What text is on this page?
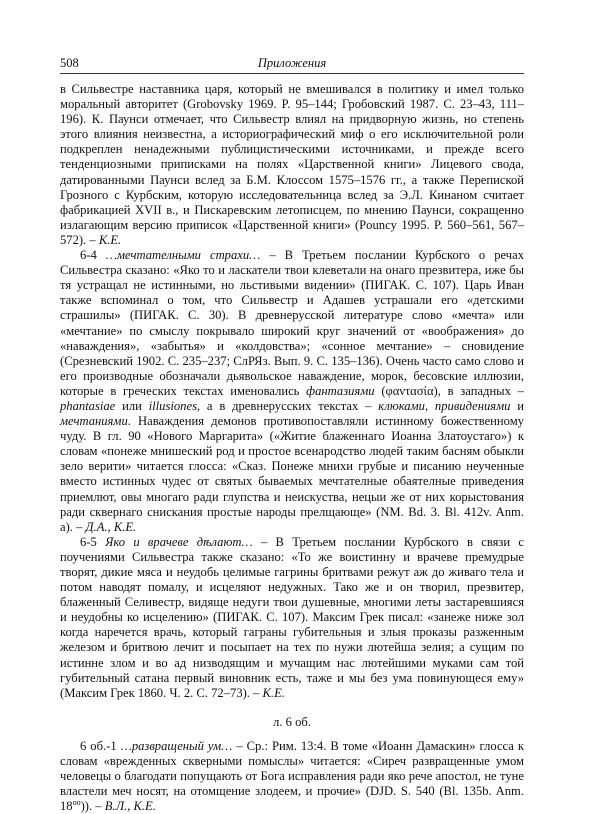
508	Приложения

в Сильвестре наставника царя, который не вмешивался в политику и имел только моральный авторитет (Grobovsky 1969. P. 95–144; Гробовский 1987. С. 23–43, 111–196). К. Паунси отмечает, что Сильвестр влиял на придворную жизнь, но степень этого влияния неизвестна, а историографический миф о его исключительной роли подкреплен ненадежными публицистическими источниками, и прежде всего тенденциозными приписками на полях «Царственной книги» Лицевого свода, датированными Паунси вслед за Б.М. Клоссом 1575–1576 гг., а также Перепиской Грозного с Курбским, которую исследовательница вслед за Э.Л. Кинаном считает фабрикацией XVII в., и Пискаревским летописцем, по мнению Паунси, сокращенно излагающим версию приписок «Царственной книги» (Pouncy 1995. P. 560–561, 567–572). – К.Е.

6-4 …мечтателными страхи… – В Третьем послании Курбского о речах Сильвестра сказано: «Яко то и ласкатели твои клеветали на онаго презвитера, иже бы тя устращал не истинными, но льстивыми видении» (ПИГАК. С. 107). Царь Иван также вспоминал о том, что Сильвестр и Адашев устрашали его «детскими страшилы» (ПИГАК. С. 30). В древнерусской литературе слово «мечта» или «мечтание» по смыслу покрывало широкий круг значений от «воображения» до «наваждения», «забытья» и «колдовства»; «сонное мечтание» – сновидение (Срезневский 1902. С. 235–237; СлРЯз. Вып. 9. С. 135–136). Очень часто само слово и его производные обозначали дьявольское наваждение, морок, бесовские иллюзии, которые в греческих текстах именовались фантазиями (φαντασία), в западных – phantasiae или illusiones, а в древнерусских текстах – клюками, привидениями и мечтаниями. Наваждения демонов противопоставляли истинному божественному чуду. В гл. 90 «Нового Маргарита» («Житие блаженнаго Иоанна Златоустаго») к словам «понеже мнишеский род и простое всенародство людей таким басням обыкли зело верити» читается глосса: «Сказ. Понеже мнихи грубые и писанию неученные вместо истинных чудес от святых бываемых мечтателные обаятелные приведения приемлют, овы многаго ради глупства и неискуства, нецыи же от них корыстования ради сквернаго снискания простые народы прелщающе» (NM. Bd. 3. Bl. 412v. Anm. a). – Д.А., К.Е.

6-5 Яко и врачеве дѣлают… – В Третьем послании Курбского в связи с поучениями Сильвестра также сказано: «То же воистинну и врачеве премудрые творят, дикие мяса и неудобь целимые гагрины бритвами режут аж до живаго тела и потом наводят помалу, и исцеляют недужных. Тако же и он творил, презвитер, блаженный Селивестр, видяще недуги твои душевные, многими леты застаревшияся и неудобны ко исцелению» (ПИГАК. С. 107). Максим Грек писал: «занеже ниже зол когда наречется врачь, который гаграны губительныя и злыя проказы разженным железом и бритвою лечит и посыпает на тех по нужи лютейша зелия; а сущим по истинне злом и во ад низводящим и мучащим нас лютейшими муками сам той губительный сатана первый виновник есть, таже и мы без ума повинующеся ему» (Максим Грек 1860. Ч. 2. С. 72–73). – К.Е.

л. 6 об.

6 об.-1 …развращеный ум… – Ср.: Рим. 13:4. В томе «Иоанн Дамаскин» глосса к словам «врежденных скверными помыслы» читается: «Сиреч развращенные умом человецы о благодати попущають от Бога исправления ради яко рече апостол, не туне властели меч носят, на отомщение злодеем, и прочие» (DJD. S. 540 (Bl. 135b. Anm. $18^{oo}$)). – В.Л., К.Е.
